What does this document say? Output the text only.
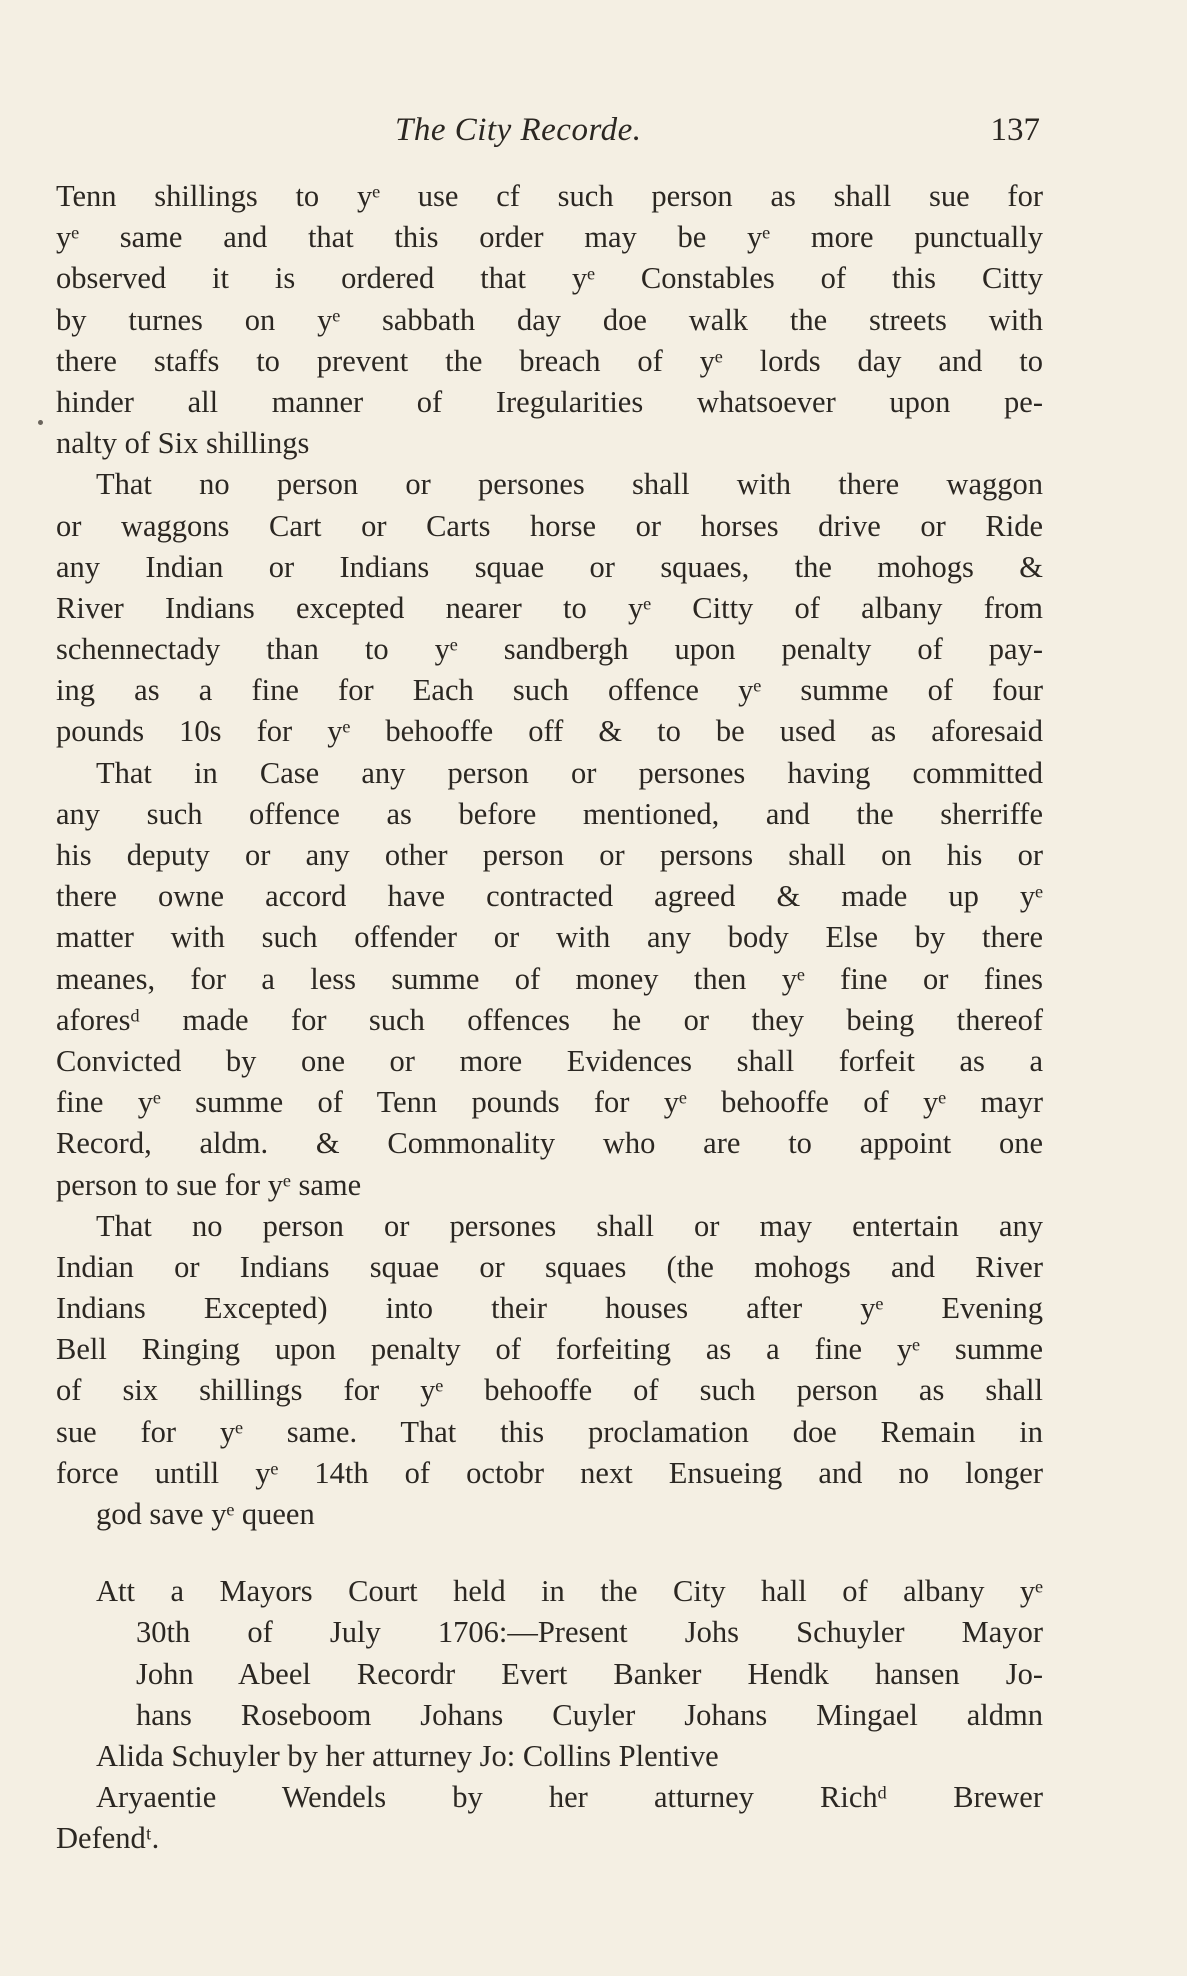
The City Recorde.	137
Tenn shillings to yᵉ use cf such person as shall sue for
yᵉ same and that this order may be yᵉ more punctually
observed it is ordered that yᵉ Constables of this Citty
by turnes on yᵉ sabbath day doe walk the streets with
there staffs to prevent the breach of yᵉ lords day and to
hinder all manner of Iregularities whatsoever upon pe-
nalty of Six shillings
That no person or persones shall with there waggon
or waggons Cart or Carts horse or horses drive or Ride
any Indian or Indians squae or squaes, the mohogs &
River Indians excepted nearer to yᵉ Citty of albany from
schennectady than to yᵉ sandbergh upon penalty of pay-
ing as a fine for Each such offence yᵉ summe of four
pounds 10s for yᵉ behooffe off & to be used as aforesaid
That in Case any person or persones having committed
any such offence as before mentioned, and the sherriffe
his deputy or any other person or persons shall on his or
there owne accord have contracted agreed & made up yᵉ
matter with such offender or with any body Else by there
meanes, for a less summe of money then yᵉ fine or fines
aforesᵈ made for such offences he or they being thereof
Convicted by one or more Evidences shall forfeit as a
fine yᵉ summe of Tenn pounds for yᵉ behooffe of yᵉ mayr
Record, aldm. & Commonality who are to appoint one
person to sue for yᵉ same
That no person or persones shall or may entertain any
Indian or Indians squae or squaes (the mohogs and River
Indians Excepted) into their houses after yᵉ Evening
Bell Ringing upon penalty of forfeiting as a fine yᵉ summe
of six shillings for yᵉ behooffe of such person as shall
sue for yᵉ same. That this proclamation doe Remain in
force untill yᵉ 14th of octobr next Ensueing and no longer
god save yᵉ queen
Att a Mayors Court held in the City hall of albany yᵉ
30th of July 1706:—Present Johs Schuyler Mayor
John Abeel Recordr Evert Banker Hendk hansen Jo-
hans Roseboom Johans Cuyler Johans Mingael aldmn
Alida Schuyler by her atturney Jo: Collins Plentive
Aryaentie Wendels by her atturney Richᵈ Brewer
Defendᵗ.
